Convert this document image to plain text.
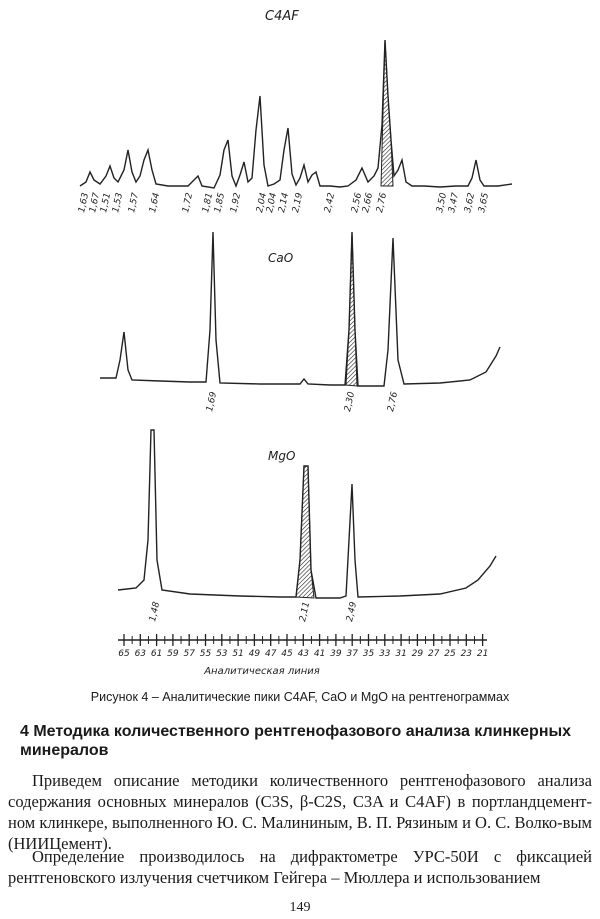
C4AF
1,63
1,67
1,51
1,53 1,57 1,64 1,72 1,81
1,85 1,92 2,04
2,04
2,14 2,19 2,42 2,56
2,66 2,76	3,50
3,47 3,62 3,65
CaO
1,69	2,30	2,76
MgO
1,48	2,11	2,49
65 63 61 59 57 55 53 51 49 47 45 43 41 39 37 35 33 31 29 27 25 23 21
Аналитическая линия
Рисунок 4 – Аналитические пики C4AF, CaO и MgO на рентгенограммах
4 Методика количественного рентгенофазового анализа клинкерных минералов
Приведем описание методики количественного рентгенофазового анализа содержания основных минералов (C3S, β-C2S, C3A и C4AF) в портландцемент-ном клинкере, выполненного Ю. С. Малининым, В. П. Рязиным и О. С. Волко-вым (НИИЦемент).
Определение производилось на дифрактометре УРС-50И с фиксацией рентгеновского излучения счетчиком Гейгера – Мюллера и использованием
149
